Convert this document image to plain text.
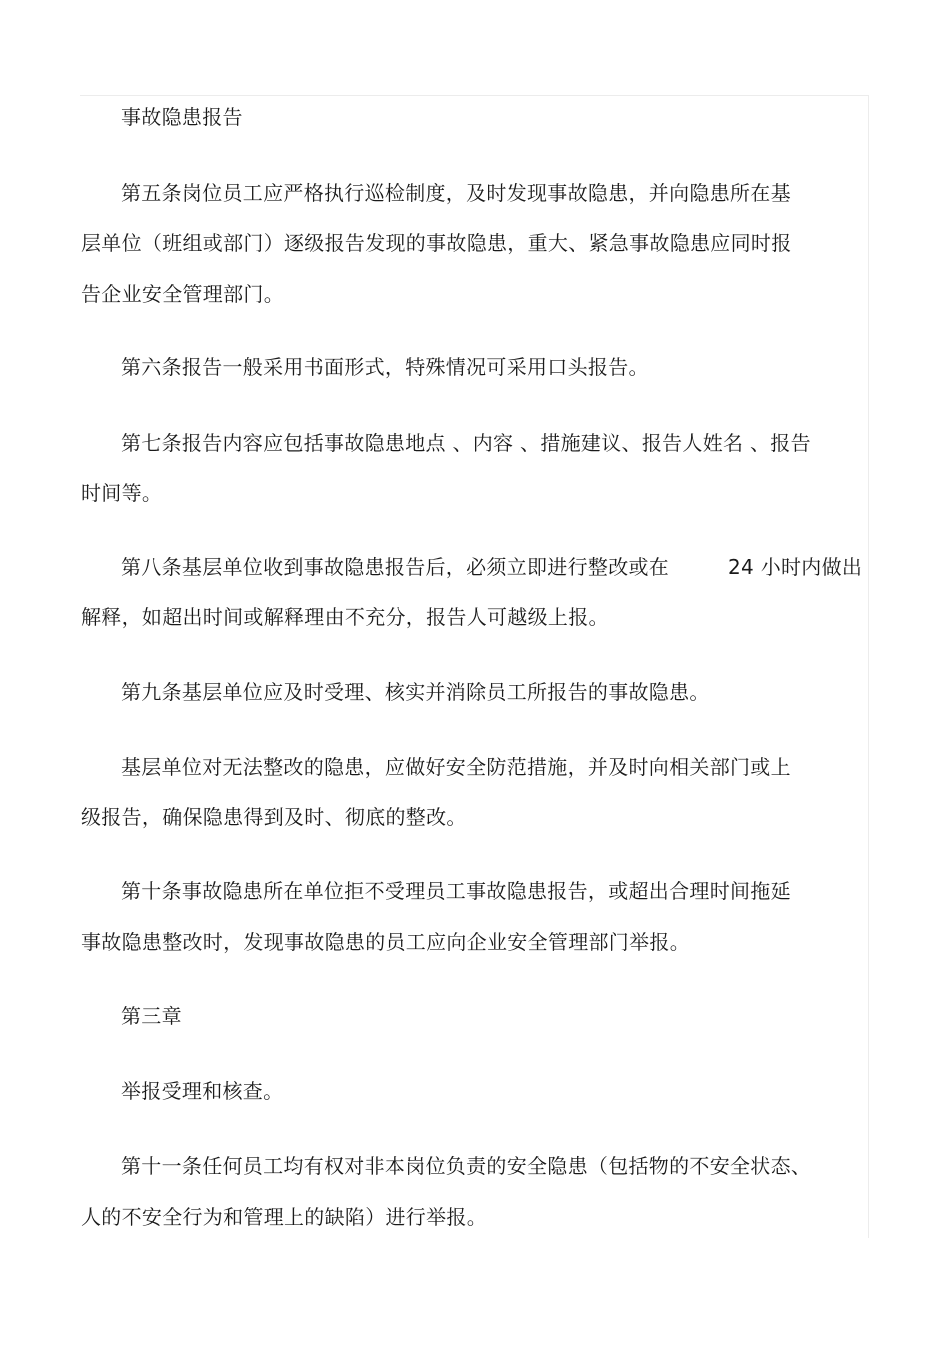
事故隐患报告
第五条岗位员工应严格执行巡检制度，及时发现事故隐患，并向隐患所在基
层单位（班组或部门）逐级报告发现的事故隐患，重大、紧急事故隐患应同时报
告企业安全管理部门。
第六条报告一般采用书面形式，特殊情况可采用口头报告。
第七条报告内容应包括事故隐患地点 、内容 、措施建议、报告人姓名 、报告
时间等。
第八条基层单位收到事故隐患报告后，必须立即进行整改或在	24 小时内做出
解释，如超出时间或解释理由不充分，报告人可越级上报。
第九条基层单位应及时受理、核实并消除员工所报告的事故隐患。
基层单位对无法整改的隐患，应做好安全防范措施，并及时向相关部门或上
级报告，确保隐患得到及时、彻底的整改。
第十条事故隐患所在单位拒不受理员工事故隐患报告，或超出合理时间拖延
事故隐患整改时，发现事故隐患的员工应向企业安全管理部门举报。
第三章
举报受理和核查。
第十一条任何员工均有权对非本岗位负责的安全隐患（包括物的不安全状态、
人的不安全行为和管理上的缺陷）进行举报。
